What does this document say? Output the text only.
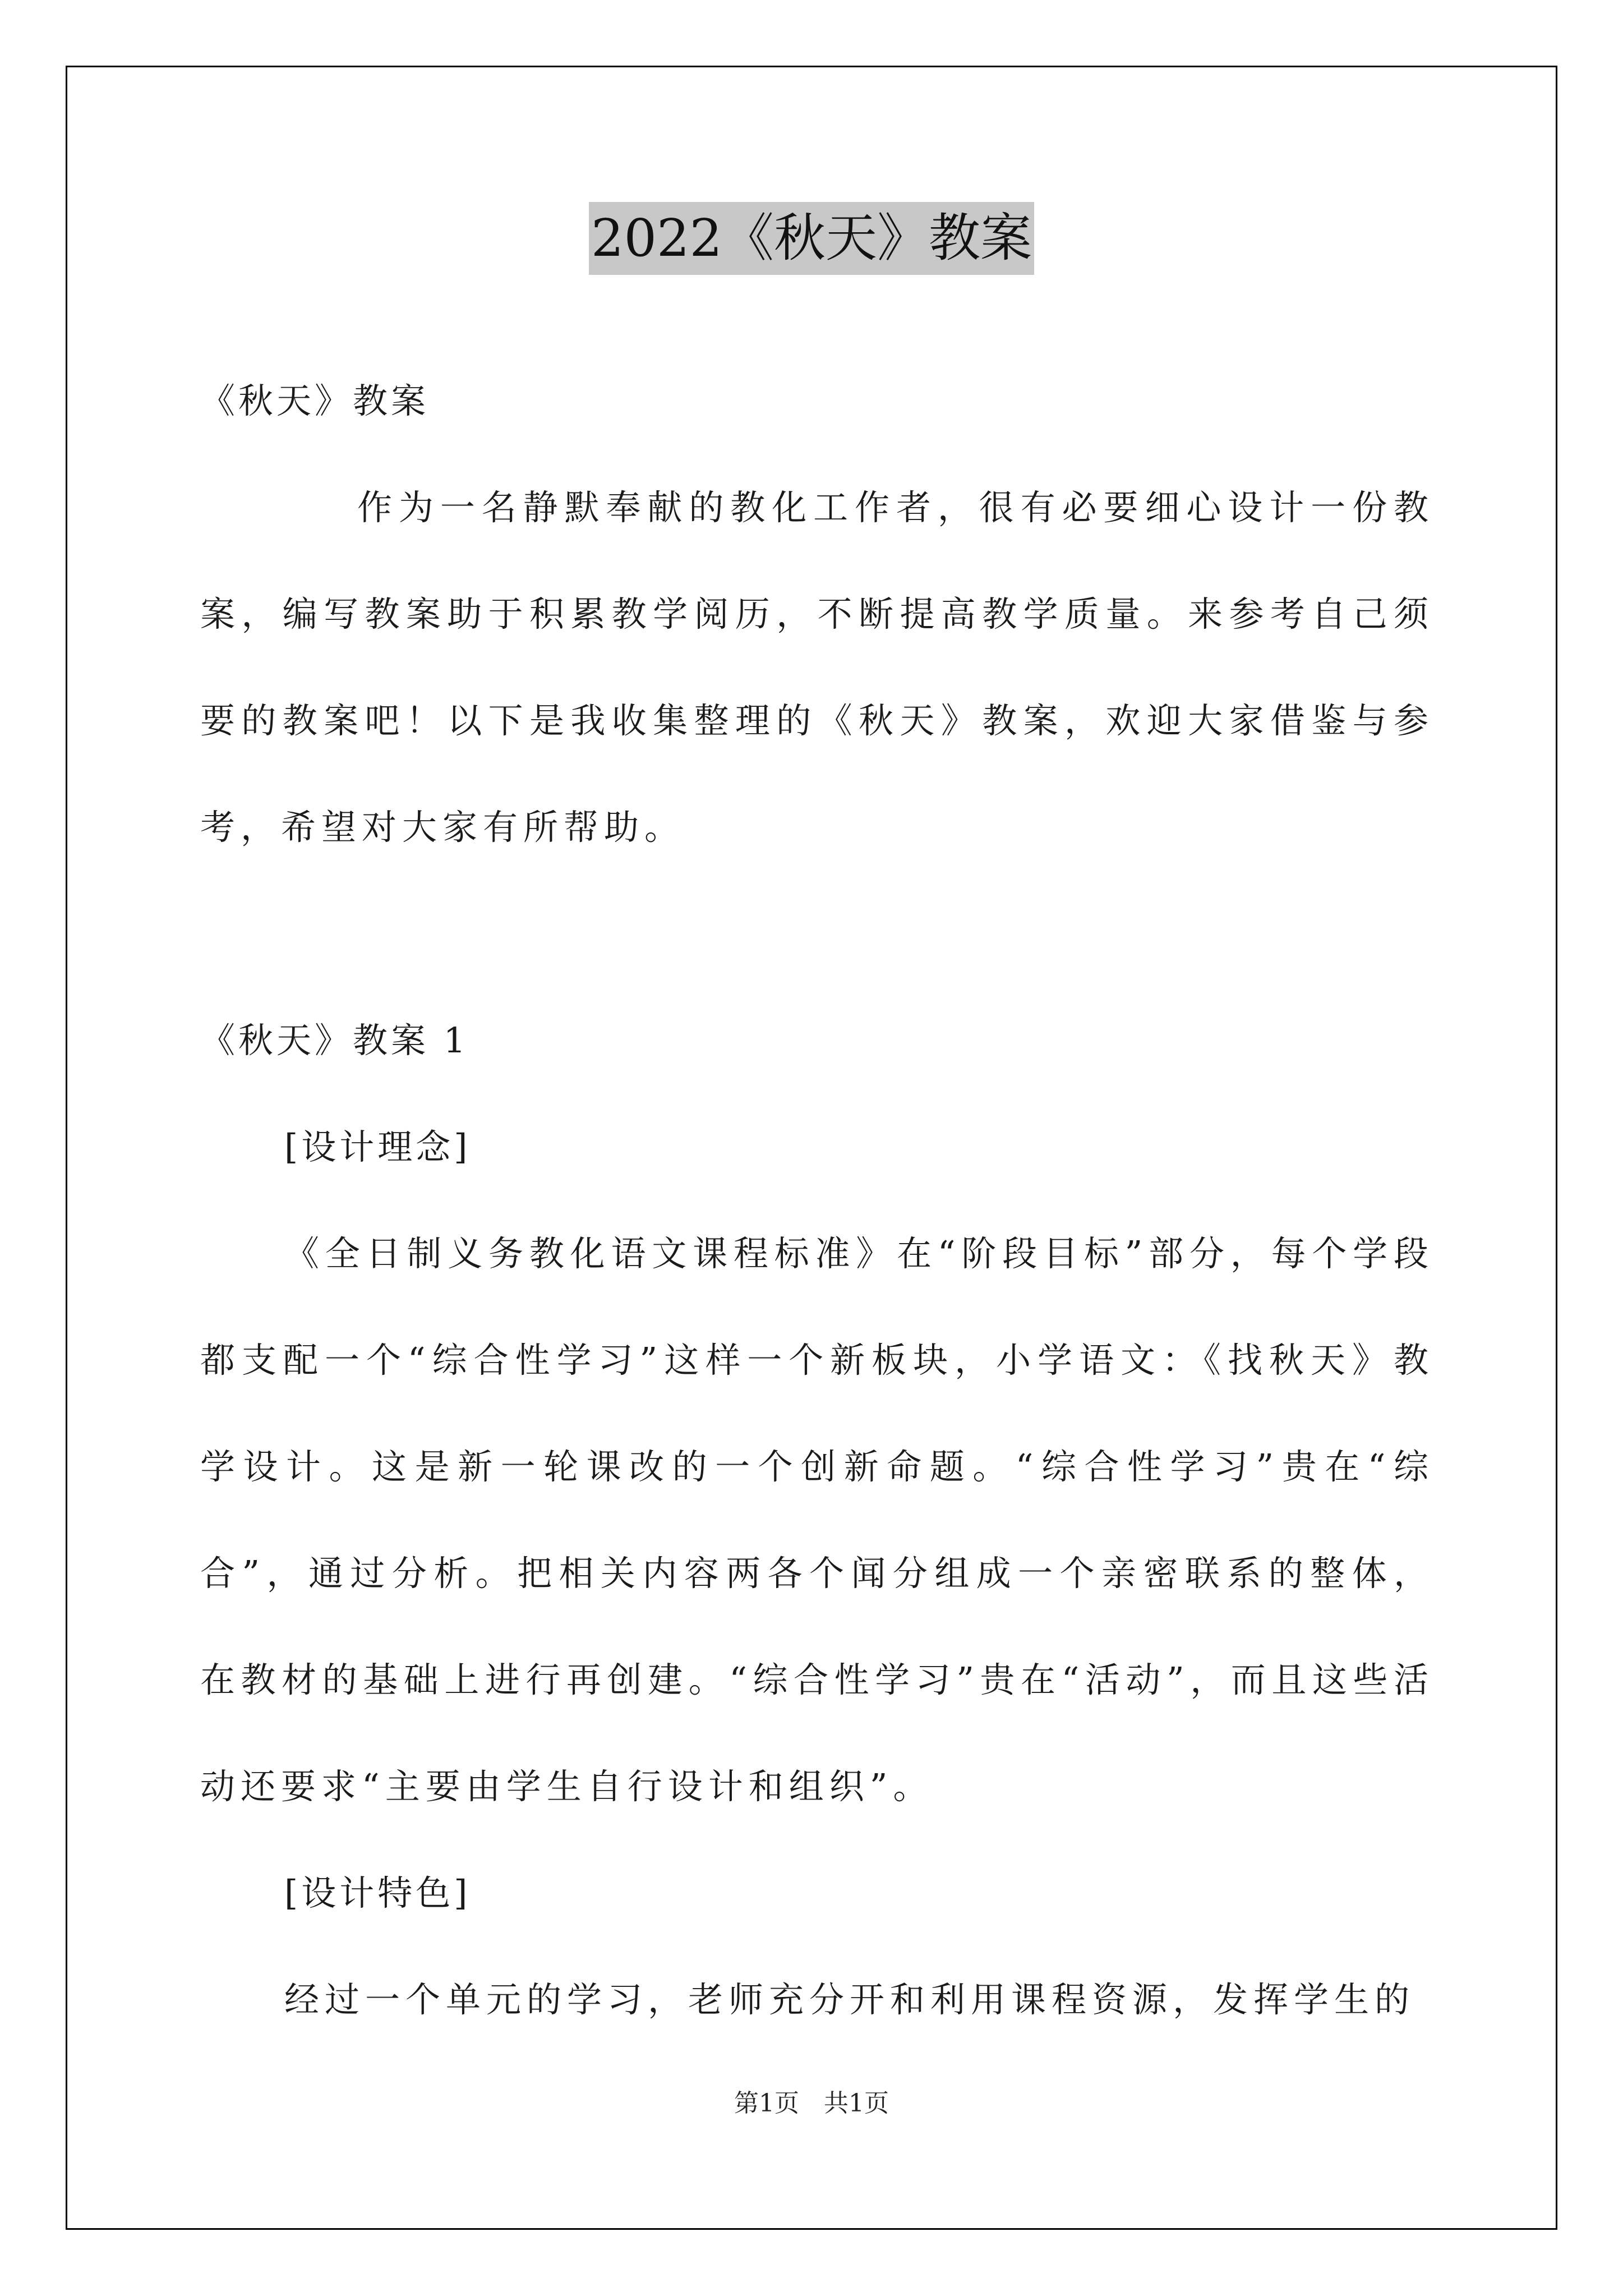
2022《秋天》教案

《秋天》教案

作为一名静默奉献的教化工作者，很有必要细心设计一份教案，编写教案助于积累教学阅历，不断提高教学质量。来参考自己须要的教案吧！以下是我收集整理的《秋天》教案，欢迎大家借鉴与参考，希望对大家有所帮助。

《秋天》教案 1

[设计理念]

《全日制义务教化语文课程标准》在“阶段目标”部分，每个学段都支配一个“综合性学习”这样一个新板块，小学语文：《找秋天》教学设计。这是新一轮课改的一个创新命题。“综合性学习”贵在“综合”，通过分析。把相关内容两各个闻分组成一个亲密联系的整体，在教材的基础上进行再创建。“综合性学习”贵在“活动”，而且这些活动还要求“主要由学生自行设计和组织”。

[设计特色]

经过一个单元的学习，老师充分开和利用课程资源，发挥学生的

第1页　共1页
